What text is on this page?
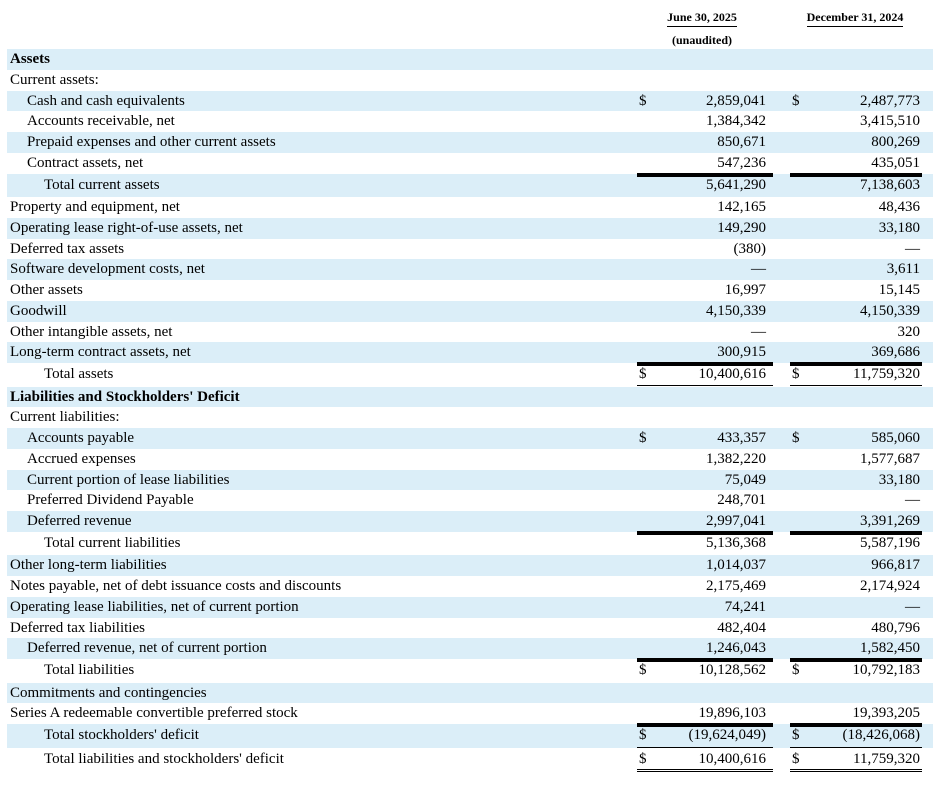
June 30, 2025
(unaudited)
December 31, 2024
Assets
Current assets:
Cash and cash equivalents	$	2,859,041 $	2,487,773
Accounts receivable, net	1,384,342	3,415,510
Prepaid expenses and other current assets	850,671	800,269
Contract assets, net	547,236	435,051
Total current assets	5,641,290	7,138,603
Property and equipment, net	142,165	48,436
Operating lease right-of-use assets, net	149,290	33,180
Deferred tax assets	(380)	—
Software development costs, net	—	3,611
Other assets	16,997	15,145
Goodwill	4,150,339	4,150,339
Other intangible assets, net	—	320
Long-term contract assets, net	300,915	369,686
Total assets	$	10,400,616 $	11,759,320
Liabilities and Stockholders' Deficit
Current liabilities:
Accounts payable	$	433,357 $	585,060
Accrued expenses	1,382,220	1,577,687
Current portion of lease liabilities	75,049	33,180
Preferred Dividend Payable	248,701	—
Deferred revenue	2,997,041	3,391,269
Total current liabilities	5,136,368	5,587,196
Other long-term liabilities	1,014,037	966,817
Notes payable, net of debt issuance costs and discounts	2,175,469	2,174,924
Operating lease liabilities, net of current portion	74,241	—
Deferred tax liabilities	482,404	480,796
Deferred revenue, net of current portion	1,246,043	1,582,450
Total liabilities	$	10,128,562 $	10,792,183
Commitments and contingencies
Series A redeemable convertible preferred stock	19,896,103	19,393,205
Total stockholders' deficit	$	(19,624,049) $	(18,426,068)
Total liabilities and stockholders' deficit	$	10,400,616 $	11,759,320
